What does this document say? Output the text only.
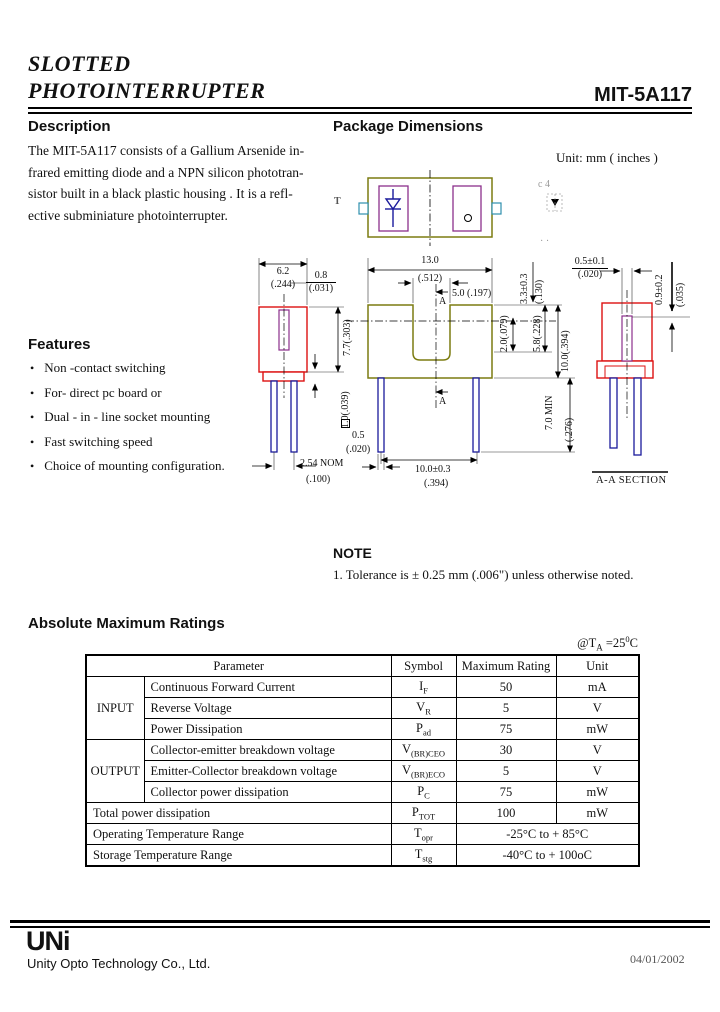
SLOTTED
PHOTOINTERRUPTER	MIT-5A117
Description
The MIT-5A117 consists of a Gallium Arsenide in-
frared emitting diode and a NPN silicon phototran-
sistor built in a black plastic housing . It is a refl-
ective subminiature photointerrupter.
Features
• Non -contact switching
• For- direct pc board or
• Dual - in - line socket mounting
• Fast switching speed
• Choice of mounting configuration.
Package Dimensions
Unit: mm ( inches )
6.2
(.244)	$\frac{0.8}{(.031)}$
7.7(.303)
1.0(.039)
2.54 NOM
(.100)
13.0
(.512)
5.0 (.197)	3.3±0.3 (.130)
2.0(.079) 5.8(.228) 10.0(.394)
7.0 MIN (.276)
0.5
(.020)
10.0±0.3
(.394)
A
A
$\frac{0.5\pm 0.1}{(.020)}$
0.9±0.2 (.035)
A-A SECTION
c 4
· ·
T
NOTE
1. Tolerance is ± 0.25 mm (.006") unless otherwise noted.
Absolute Maximum Ratings
$@T_A =25^0C$
Parameter		Symbol	Maximum Rating	Unit
INPUT	Continuous Forward Current	$I_F$	50	mA
	Reverse Voltage	$V_R$	5	V
	Power Dissipation	$P_{ad}$	75	mW
OUTPUT	Collector-emitter breakdown voltage	$V_{(BR)CEO}$	30	V
	Emitter-Collector breakdown voltage	$V_{(BR)ECO}$	5	V
	Collector power dissipation	$P_C$	75	mW
Total power dissipation		$P_{TOT}$	100	mW
Operating Temperature Range		$T_{opr}$	-25°C to + 85°C	
Storage Temperature Range		$T_{stg}$	-40°C to + 100oC	
UNi
Unity Opto Technology Co., Ltd.	04/01/2002
